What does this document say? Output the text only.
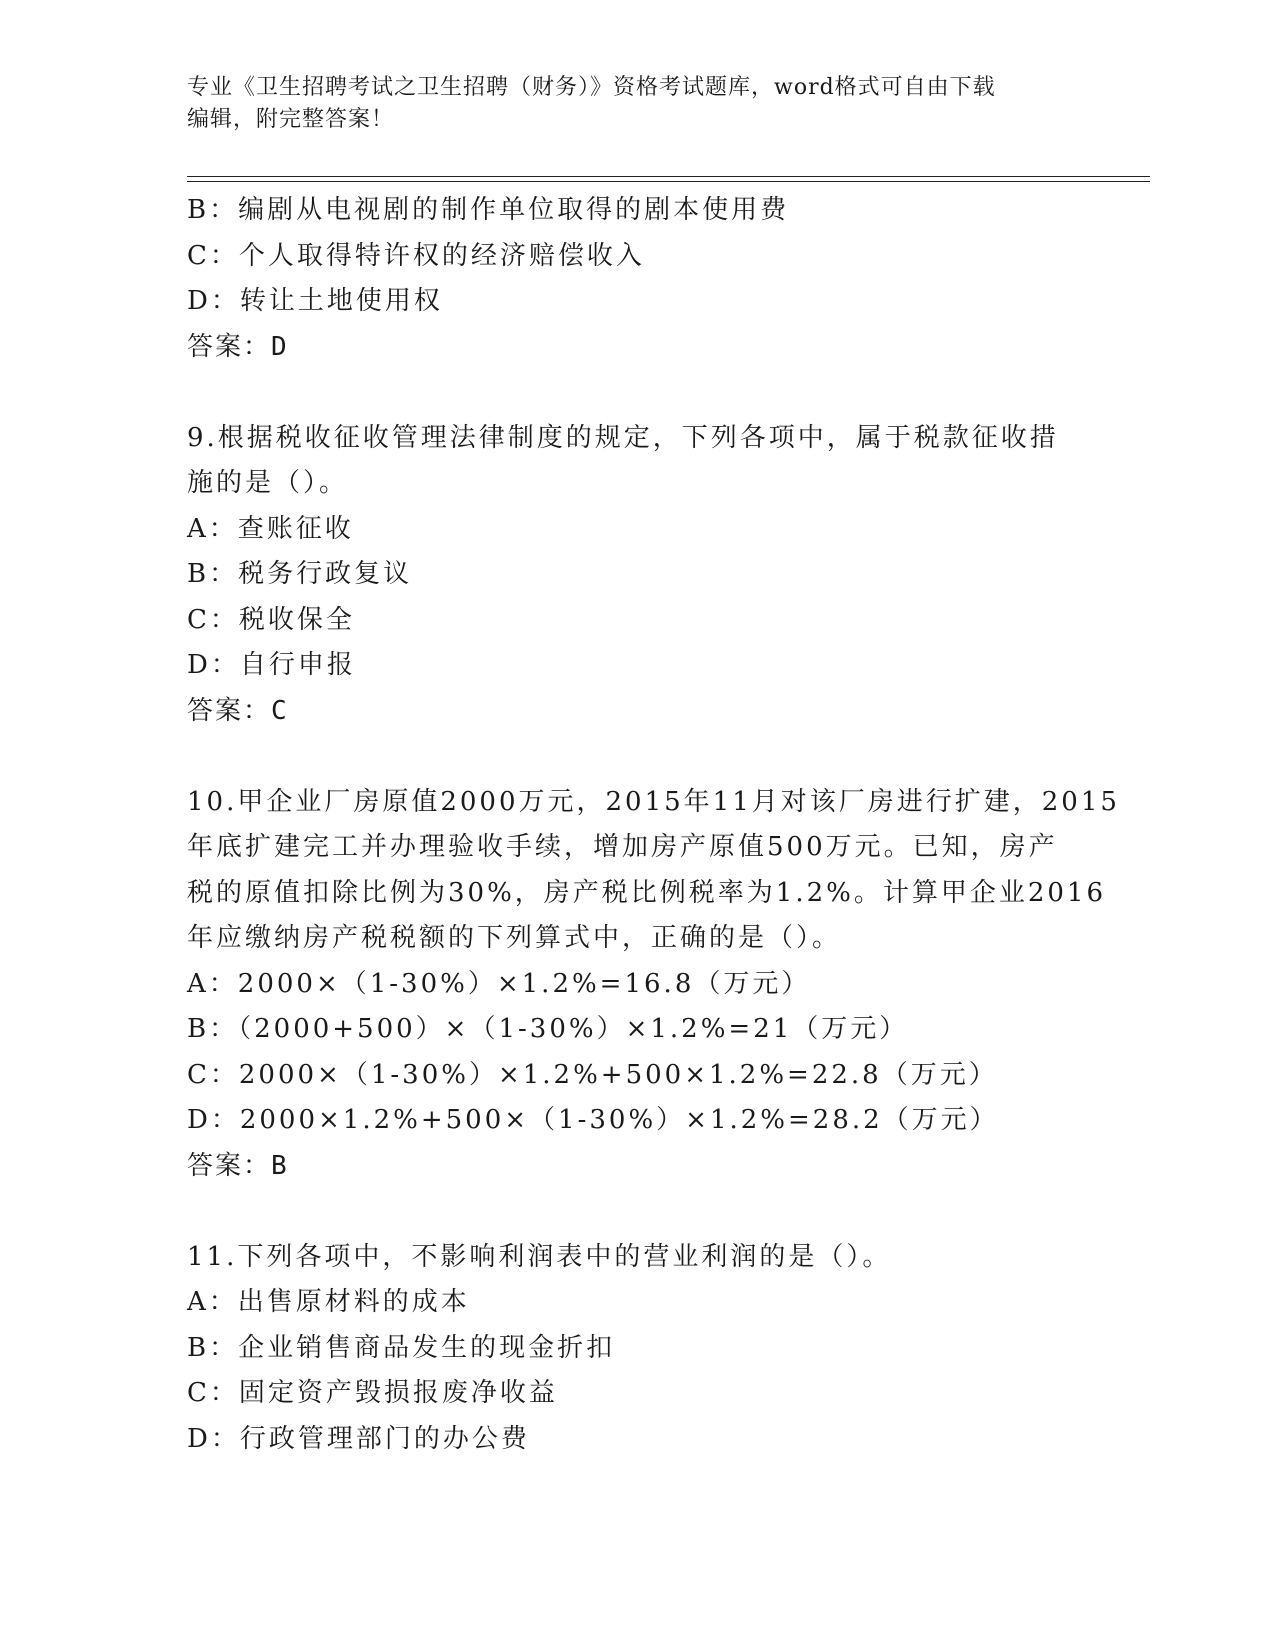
专业《卫生招聘考试之卫生招聘（财务）》资格考试题库，word格式可自由下载
编辑，附完整答案！
B：编剧从电视剧的制作单位取得的剧本使用费
C：个人取得特许权的经济赔偿收入
D：转让土地使用权
答案：D
9.根据税收征收管理法律制度的规定，下列各项中，属于税款征收措
施的是（）。
A：查账征收
B：税务行政复议
C：税收保全
D：自行申报
答案：C
10.甲企业厂房原值2000万元，2015年11月对该厂房进行扩建，2015
年底扩建完工并办理验收手续，增加房产原值500万元。已知，房产
税的原值扣除比例为30%，房产税比例税率为1.2%。计算甲企业2016
年应缴纳房产税税额的下列算式中，正确的是（）。
A：2000×（1-30%）×1.2%=16.8（万元）
B：（2000+500）×（1-30%）×1.2%=21（万元）
C：2000×（1-30%）×1.2%+500×1.2%=22.8（万元）
D：2000×1.2%+500×（1-30%）×1.2%=28.2（万元）
答案：B
11.下列各项中，不影响利润表中的营业利润的是（）。
A：出售原材料的成本
B：企业销售商品发生的现金折扣
C：固定资产毁损报废净收益
D：行政管理部门的办公费
